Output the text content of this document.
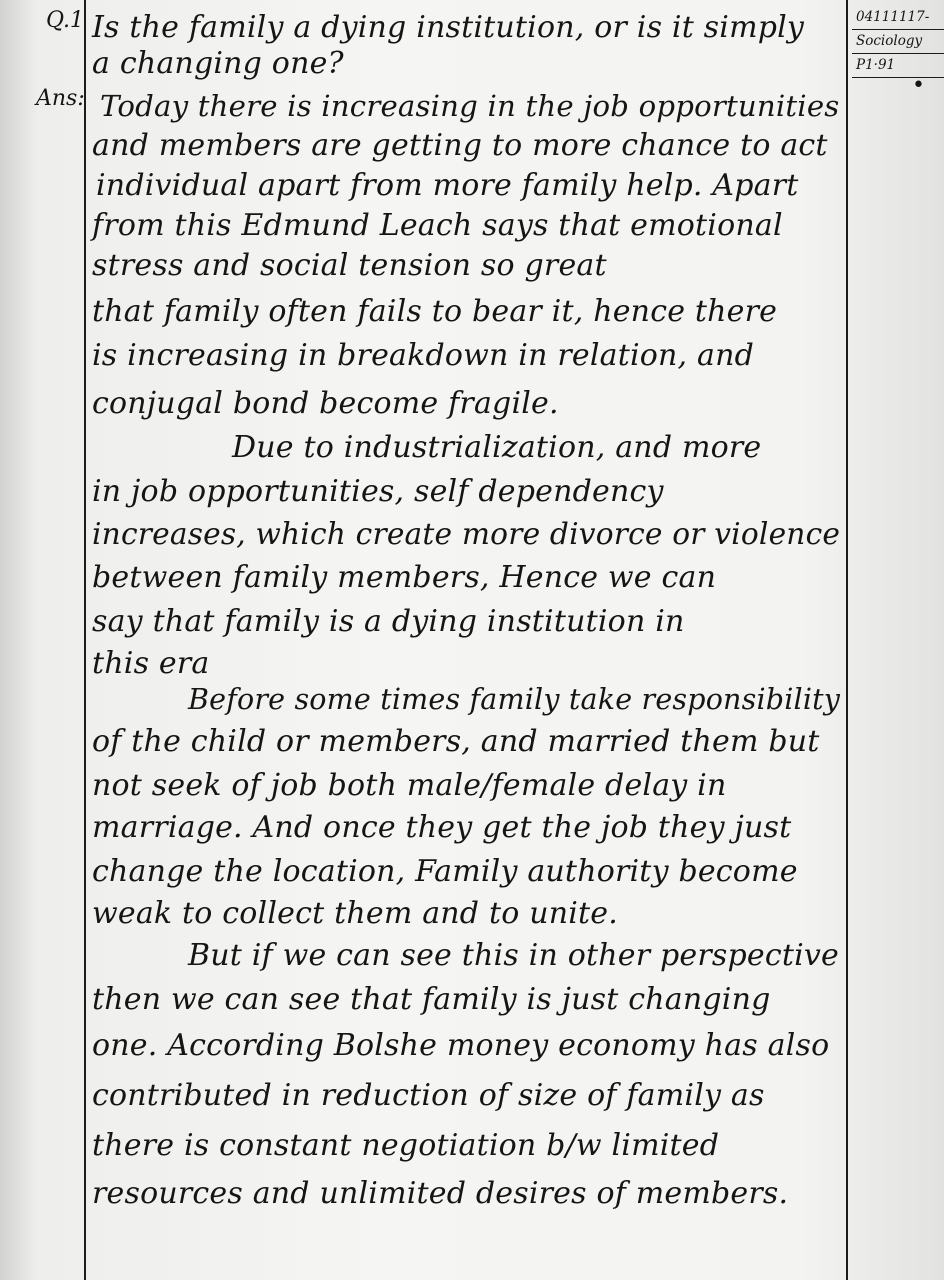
Q.1
Ans:
04111117-
Sociology
P1·91
•
Is the family a dying institution, or is it simply
a changing one?
Today there is increasing in the job opportunities
and members are getting to more chance to act
individual apart from more family help. Apart
from this Edmund Leach says that emotional
stress and social tension so great
that family often fails to bear it, hence there
is increasing in breakdown in relation, and
conjugal bond become fragile.
Due to industrialization, and more
in job opportunities, self dependency
increases, which create more divorce or violence
between family members, Hence we can
say that family is a dying institution in
this era
Before some times family take responsibility
of the child or members, and married them but
not seek of job both male/female delay in
marriage. And once they get the job they just
change the location, Family authority become
weak to collect them and to unite.
But if we can see this in other perspective
then we can see that family is just changing
one. According Bolshe money economy has also
contributed in reduction of size of family as
there is constant negotiation b/w limited
resources and unlimited desires of members.
